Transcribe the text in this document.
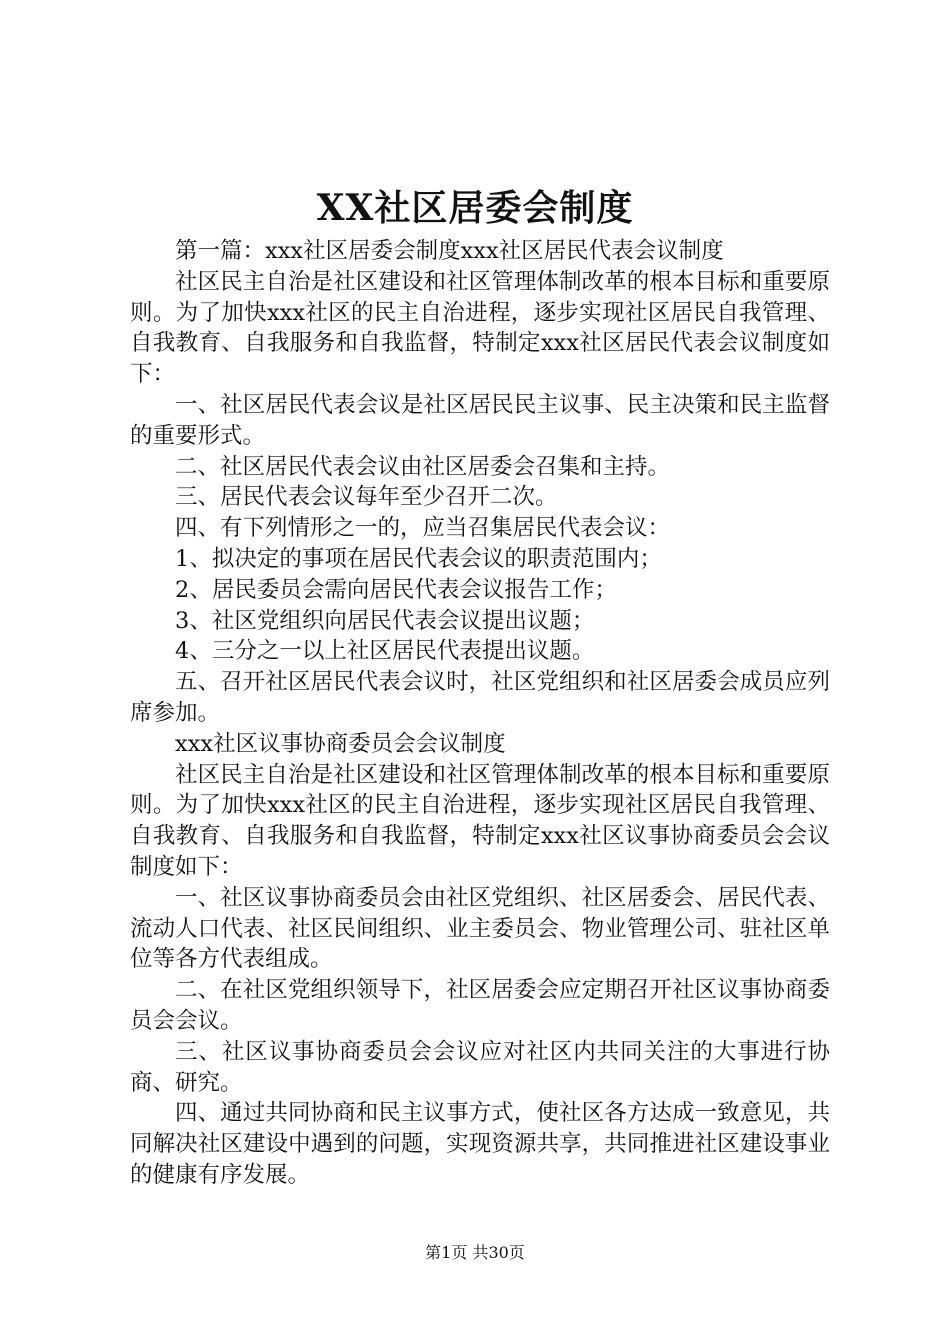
XX社区居委会制度

第一篇：xxx社区居委会制度xxx社区居民代表会议制度

社区民主自治是社区建设和社区管理体制改革的根本目标和重要原则。为了加快xxx社区的民主自治进程，逐步实现社区居民自我管理、自我教育、自我服务和自我监督，特制定xxx社区居民代表会议制度如下：

一、社区居民代表会议是社区居民民主议事、民主决策和民主监督的重要形式。

二、社区居民代表会议由社区居委会召集和主持。

三、居民代表会议每年至少召开二次。

四、有下列情形之一的，应当召集居民代表会议：

1、拟决定的事项在居民代表会议的职责范围内；

2、居民委员会需向居民代表会议报告工作；

3、社区党组织向居民代表会议提出议题；

4、三分之一以上社区居民代表提出议题。

五、召开社区居民代表会议时，社区党组织和社区居委会成员应列席参加。

xxx社区议事协商委员会会议制度

社区民主自治是社区建设和社区管理体制改革的根本目标和重要原则。为了加快xxx社区的民主自治进程，逐步实现社区居民自我管理、自我教育、自我服务和自我监督，特制定xxx社区议事协商委员会会议制度如下：

一、社区议事协商委员会由社区党组织、社区居委会、居民代表、流动人口代表、社区民间组织、业主委员会、物业管理公司、驻社区单位等各方代表组成。

二、在社区党组织领导下，社区居委会应定期召开社区议事协商委员会会议。

三、社区议事协商委员会会议应对社区内共同关注的大事进行协商、研究。

四、通过共同协商和民主议事方式，使社区各方达成一致意见，共同解决社区建设中遇到的问题，实现资源共享，共同推进社区建设事业的健康有序发展。

第1页 共30页
